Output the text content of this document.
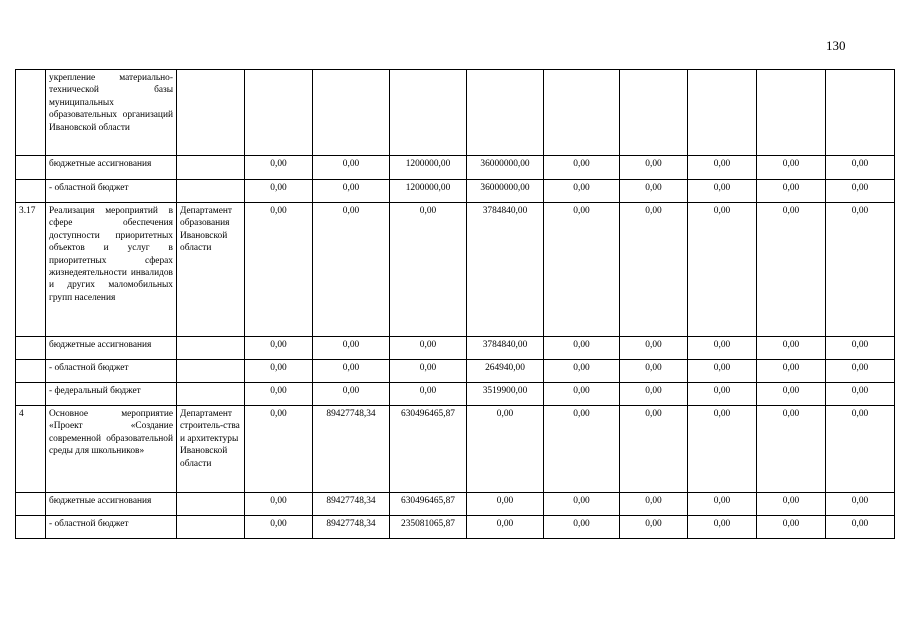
130
	укрепление материально-технической базы муниципальных образовательных организаций Ивановской области										
	бюджетные ассигнования		0,00	0,00	1200000,00	36000000,00	0,00	0,00	0,00	0,00	0,00
	- областной бюджет		0,00	0,00	1200000,00	36000000,00	0,00	0,00	0,00	0,00	0,00
3.17	Реализация мероприятий в сфере обеспечения доступности приоритетных объектов и услуг в приоритетных сферах жизнедеятельности инвалидов и других маломобильных групп населения	Департамент образования Ивановской области	0,00	0,00	0,00	3784840,00	0,00	0,00	0,00	0,00	0,00
	бюджетные ассигнования		0,00	0,00	0,00	3784840,00	0,00	0,00	0,00	0,00	0,00
	- областной бюджет		0,00	0,00	0,00	264940,00	0,00	0,00	0,00	0,00	0,00
	- федеральный бюджет		0,00	0,00	0,00	3519900,00	0,00	0,00	0,00	0,00	0,00
4	Основное мероприятие «Проект «Создание современной образовательной среды для школьников»	Департамент строитель-ства и архитектуры Ивановской области	0,00	89427748,34	630496465,87	0,00	0,00	0,00	0,00	0,00	0,00
	бюджетные ассигнования		0,00	89427748,34	630496465,87	0,00	0,00	0,00	0,00	0,00	0,00
	- областной бюджет		0,00	89427748,34	235081065,87	0,00	0,00	0,00	0,00	0,00	0,00
